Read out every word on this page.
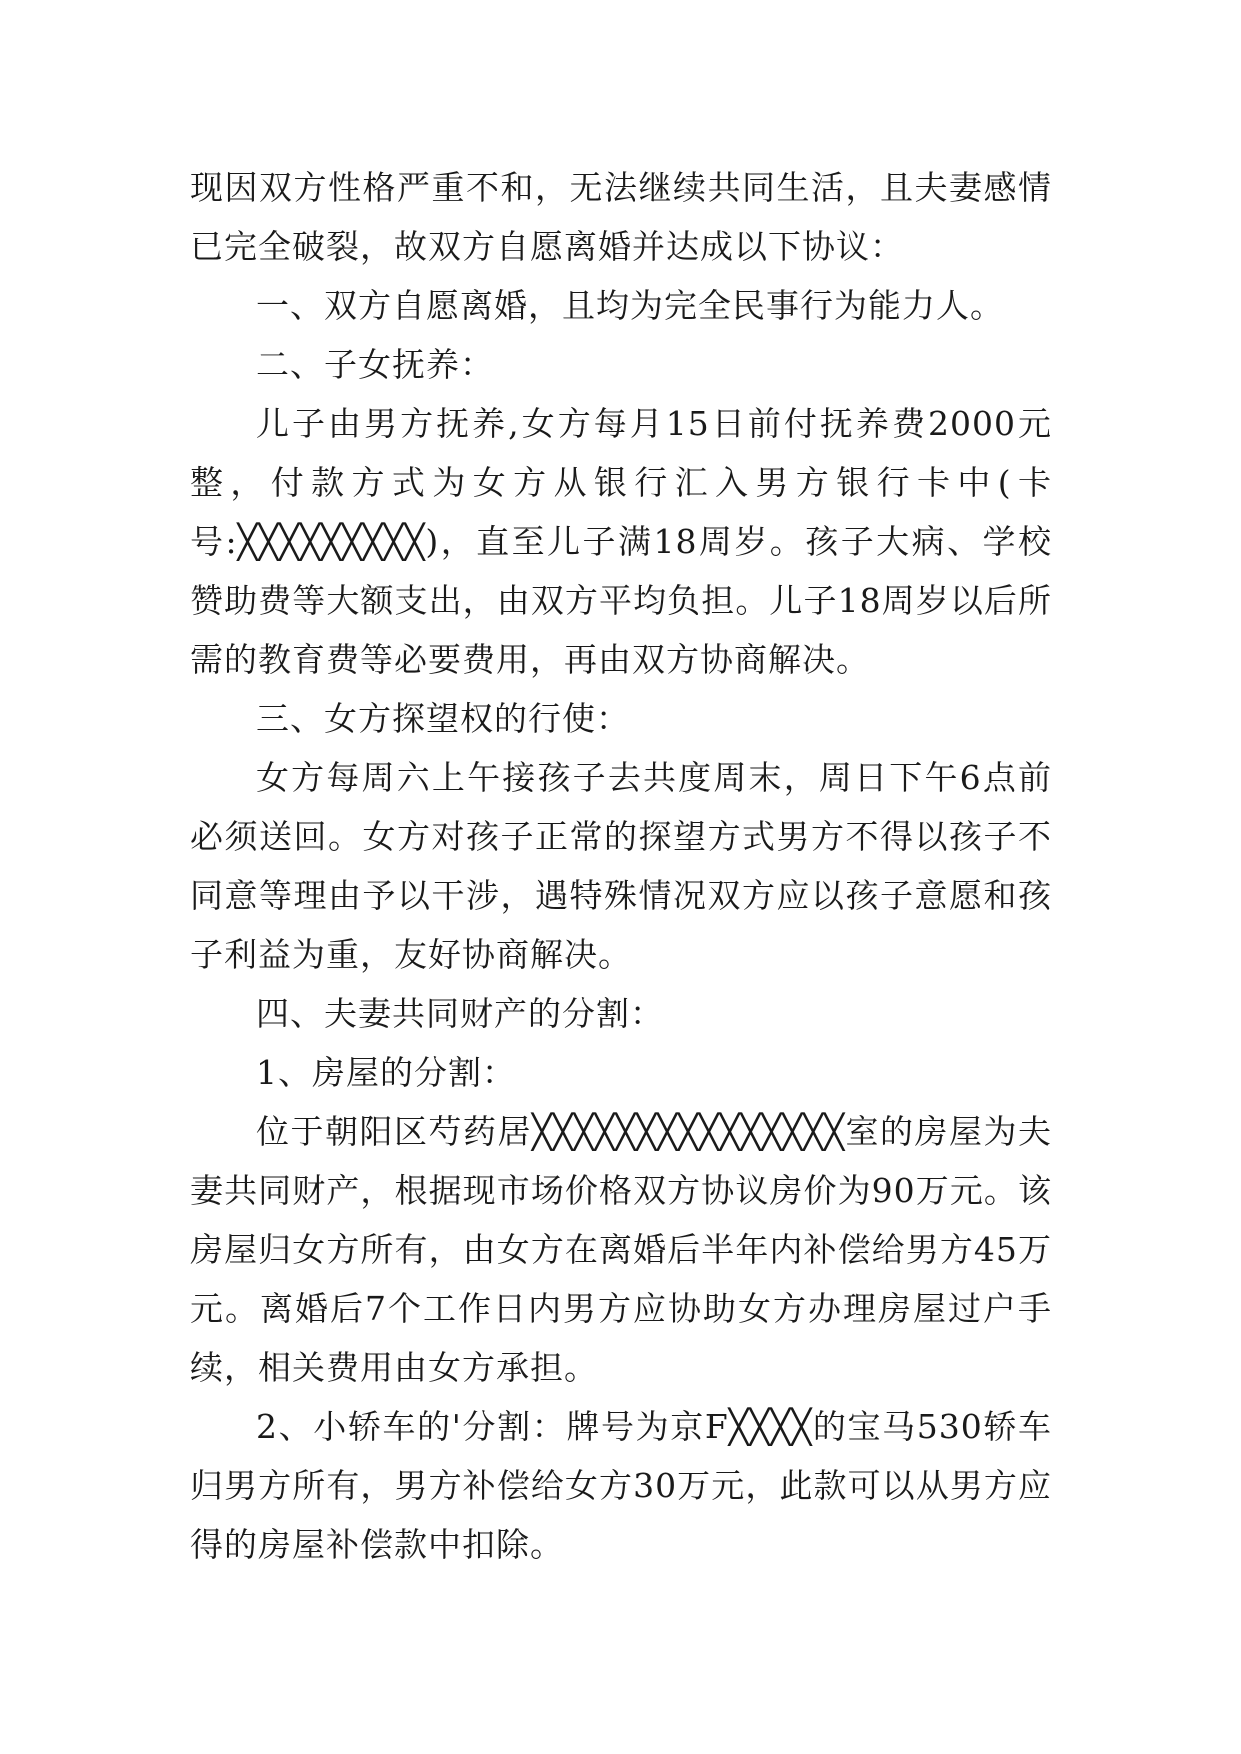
现因双方性格严重不和，无法继续共同生活，且夫妻感情已完全破裂，故双方自愿离婚并达成以下协议：

一、双方自愿离婚，且均为完全民事行为能力人。

二、子女抚养：

儿子由男方抚养,女方每月15日前付抚养费2000元整，付款方式为女方从银行汇入男方银行卡中(卡号:╳╳╳╳╳╳╳╳╳)，直至儿子满18周岁。孩子大病、学校赞助费等大额支出，由双方平均负担。儿子18周岁以后所需的教育费等必要费用，再由双方协商解决。

三、女方探望权的行使：

女方每周六上午接孩子去共度周末，周日下午6点前必须送回。女方对孩子正常的探望方式男方不得以孩子不同意等理由予以干涉，遇特殊情况双方应以孩子意愿和孩子利益为重，友好协商解决。

四、夫妻共同财产的分割：

1、房屋的分割：

位于朝阳区芍药居╳╳╳╳╳╳╳╳╳╳╳╳╳╳╳室的房屋为夫妻共同财产，根据现市场价格双方协议房价为90万元。该房屋归女方所有，由女方在离婚后半年内补偿给男方45万元。离婚后7个工作日内男方应协助女方办理房屋过户手续，相关费用由女方承担。

2、小轿车的'分割：牌号为京F╳╳╳╳的宝马530轿车归男方所有，男方补偿给女方30万元，此款可以从男方应得的房屋补偿款中扣除。
